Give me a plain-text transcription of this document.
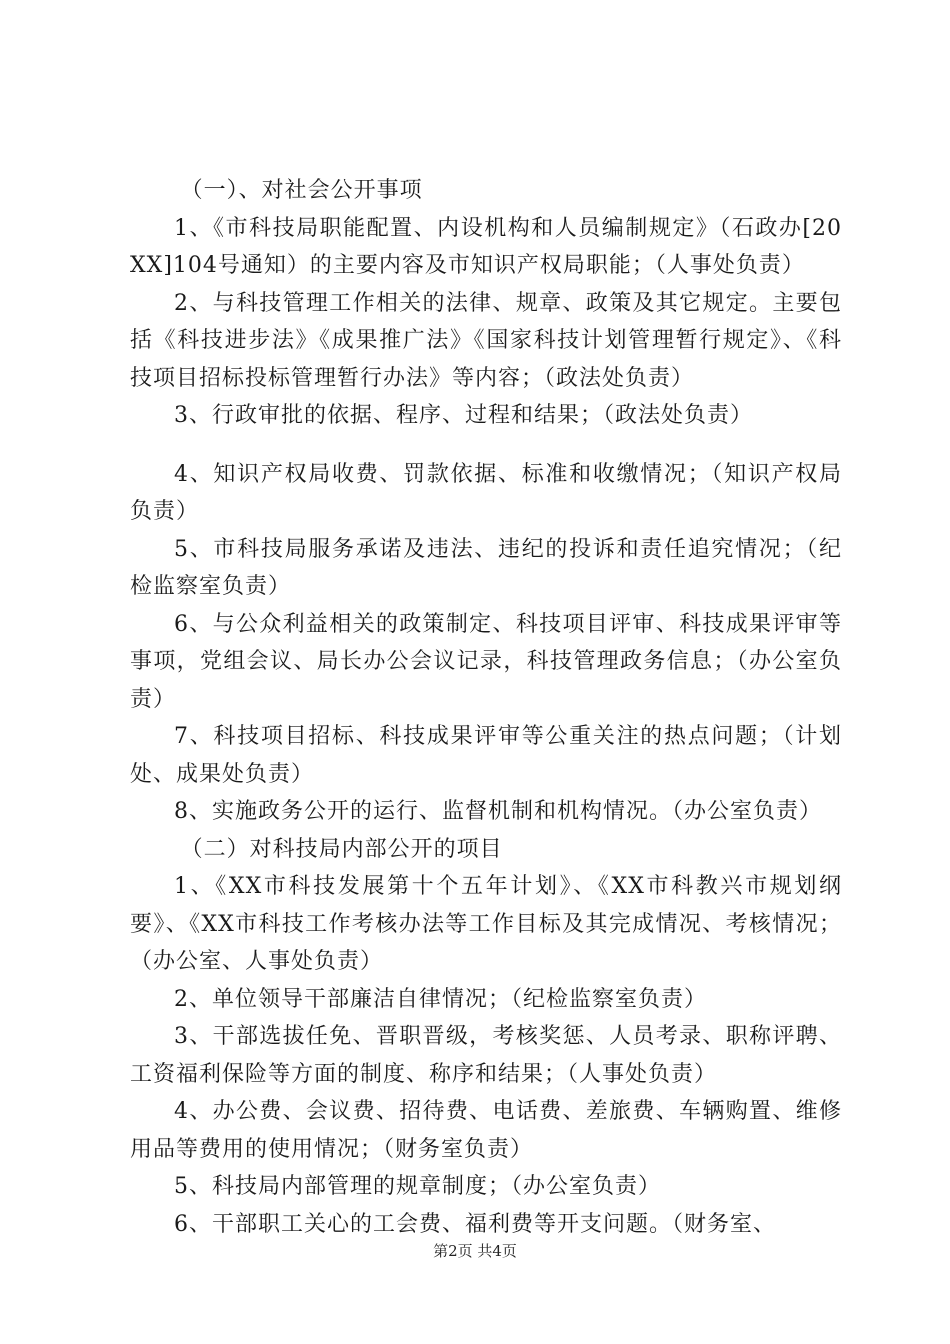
（一）、对社会公开事项

1、《市科技局职能配置、内设机构和人员编制规定》（石政办[20XX]104号通知）的主要内容及市知识产权局职能；（人事处负责）

2、与科技管理工作相关的法律、规章、政策及其它规定。主要包括《科技进步法》《成果推广法》《国家科技计划管理暂行规定》、《科技项目招标投标管理暂行办法》等内容；（政法处负责）

3、行政审批的依据、程序、过程和结果；（政法处负责）

4、知识产权局收费、罚款依据、标准和收缴情况；（知识产权局负责）

5、市科技局服务承诺及违法、违纪的投诉和责任追究情况；（纪检监察室负责）

6、与公众利益相关的政策制定、科技项目评审、科技成果评审等事项，党组会议、局长办公会议记录，科技管理政务信息；（办公室负责）

7、科技项目招标、科技成果评审等公重关注的热点问题；（计划处、成果处负责）

8、实施政务公开的运行、监督机制和机构情况。（办公室负责）

（二）对科技局内部公开的项目

1、《XX市科技发展第十个五年计划》、《XX市科教兴市规划纲要》、《XX市科技工作考核办法等工作目标及其完成情况、考核情况；（办公室、人事处负责）

2、单位领导干部廉洁自律情况；（纪检监察室负责）

3、干部选拔任免、晋职晋级，考核奖惩、人员考录、职称评聘、工资福利保险等方面的制度、称序和结果；（人事处负责）

4、办公费、会议费、招待费、电话费、差旅费、车辆购置、维修用品等费用的使用情况；（财务室负责）

5、科技局内部管理的规章制度；（办公室负责）

6、干部职工关心的工会费、福利费等开支问题。（财务室、

第2页 共4页
